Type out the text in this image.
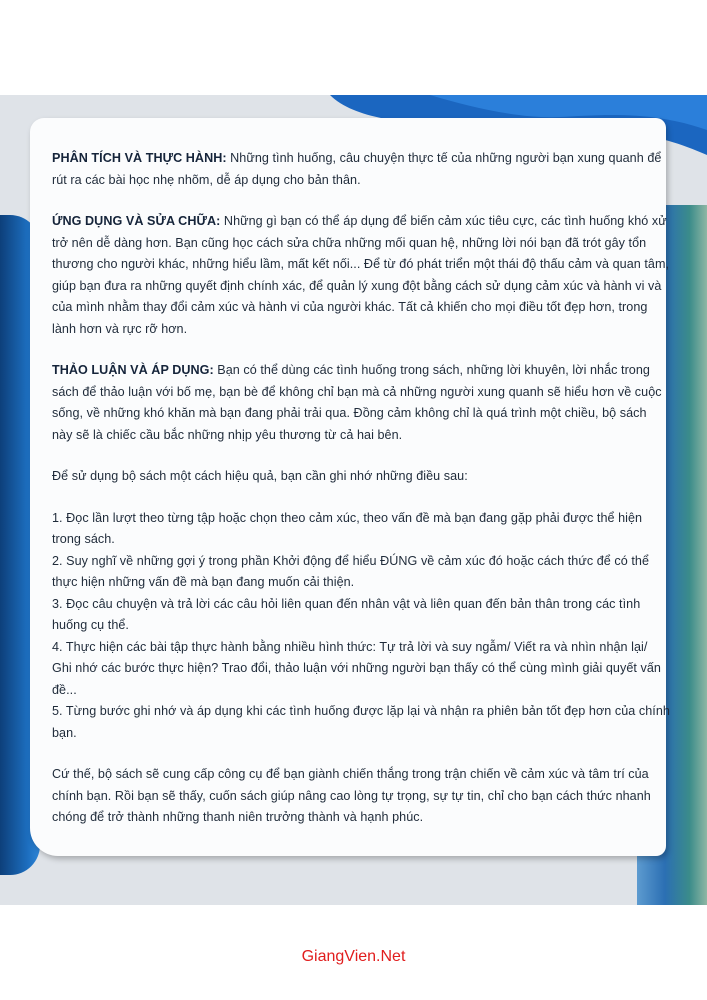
PHÂN TÍCH VÀ THỰC HÀNH: Những tình huống, câu chuyện thực tế của những người bạn xung quanh để rút ra các bài học nhẹ nhõm, dễ áp dụng cho bản thân.

ỨNG DỤNG VÀ SỬA CHỮA: Những gì bạn có thể áp dụng để biến cảm xúc tiêu cực, các tình huống khó xử trở nên dễ dàng hơn. Bạn cũng học cách sửa chữa những mối quan hệ, những lời nói bạn đã trót gây tổn thương cho người khác, những hiểu lầm, mất kết nối... Để từ đó phát triển một thái độ thấu cảm và quan tâm, giúp bạn đưa ra những quyết định chính xác, để quản lý xung đột bằng cách sử dụng cảm xúc và hành vi và của mình nhằm thay đổi cảm xúc và hành vi của người khác. Tất cả khiến cho mọi điều tốt đẹp hơn, trong lành hơn và rực rỡ hơn.

THẢO LUẬN VÀ ÁP DỤNG: Bạn có thể dùng các tình huống trong sách, những lời khuyên, lời nhắc trong sách để thảo luận với bố mẹ, bạn bè để không chỉ bạn mà cả những người xung quanh sẽ hiểu hơn về cuộc sống, về những khó khăn mà bạn đang phải trải qua. Đồng cảm không chỉ là quá trình một chiều, bộ sách này sẽ là chiếc cầu bắc những nhịp yêu thương từ cả hai bên.

Để sử dụng bộ sách một cách hiệu quả, bạn cần ghi nhớ những điều sau:

1. Đọc lần lượt theo từng tập hoặc chọn theo cảm xúc, theo vấn đề mà bạn đang gặp phải được thể hiện trong sách.
2. Suy nghĩ về những gợi ý trong phần Khởi động để hiểu ĐÚNG về cảm xúc đó hoặc cách thức để có thể thực hiện những vấn đề mà bạn đang muốn cải thiện.
3. Đọc câu chuyện và trả lời các câu hỏi liên quan đến nhân vật và liên quan đến bản thân trong các tình huống cụ thể.
4. Thực hiện các bài tập thực hành bằng nhiều hình thức: Tự trả lời và suy ngẫm/ Viết ra và nhìn nhận lại/ Ghi nhớ các bước thực hiện? Trao đổi, thảo luận với những người bạn thấy có thể cùng mình giải quyết vấn đề...
5. Từng bước ghi nhớ và áp dụng khi các tình huống được lặp lại và nhận ra phiên bản tốt đẹp hơn của chính bạn.

Cứ thế, bộ sách sẽ cung cấp công cụ để bạn giành chiến thắng trong trận chiến về cảm xúc và tâm trí của chính bạn. Rồi bạn sẽ thấy, cuốn sách giúp nâng cao lòng tự trọng, sự tự tin, chỉ cho bạn cách thức nhanh chóng để trở thành những thanh niên trưởng thành và hạnh phúc.

GiangVien.Net
